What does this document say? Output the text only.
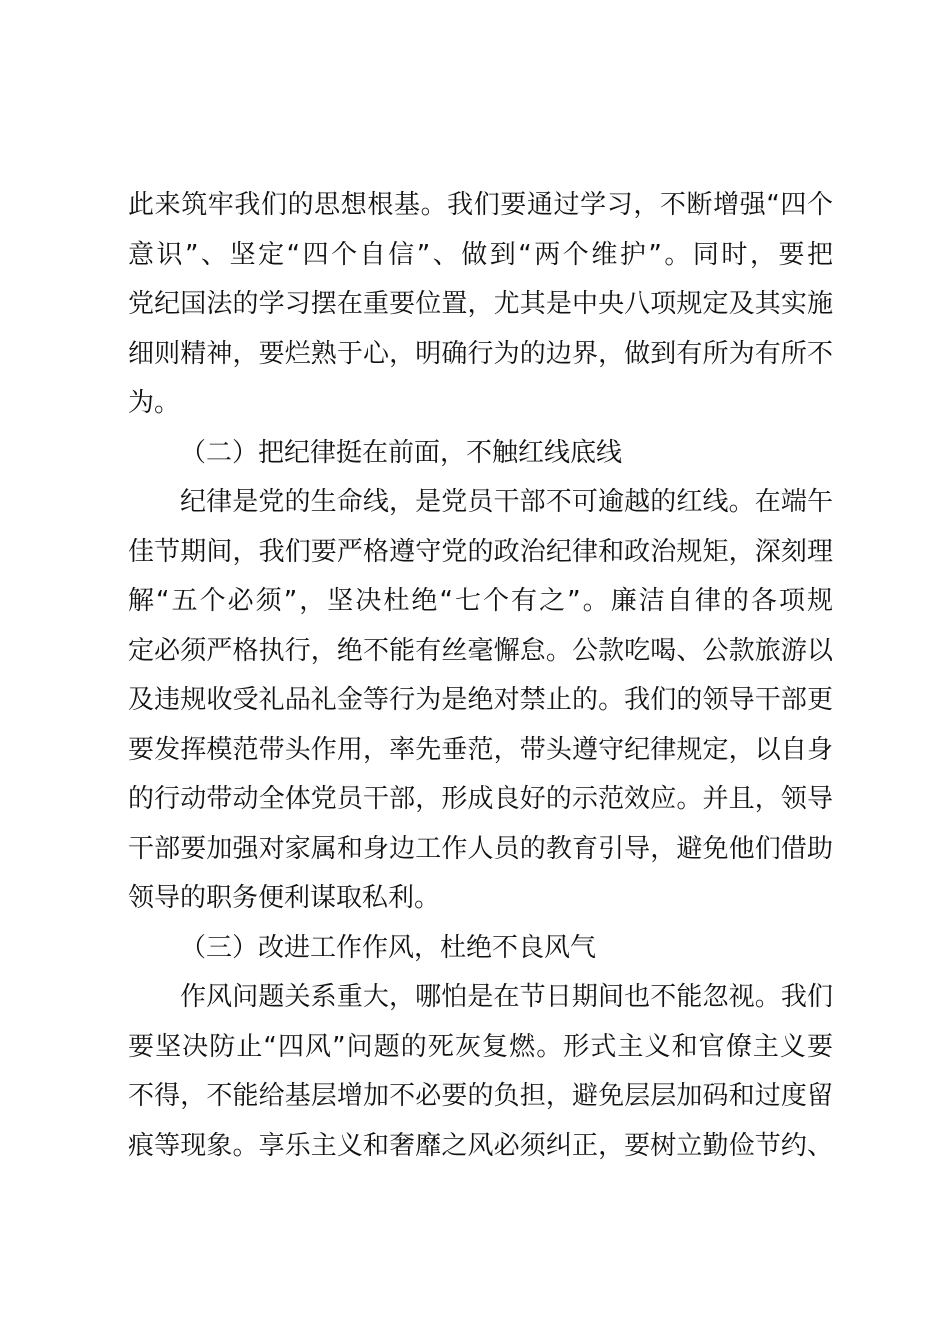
此来筑牢我们的思想根基。我们要通过学习，不断增强“四个
意识”、坚定“四个自信”、做到“两个维护”。同时，要把
党纪国法的学习摆在重要位置，尤其是中央八项规定及其实施
细则精神，要烂熟于心，明确行为的边界，做到有所为有所不
为。
（二）把纪律挺在前面，不触红线底线
纪律是党的生命线，是党员干部不可逾越的红线。在端午
佳节期间，我们要严格遵守党的政治纪律和政治规矩，深刻理
解“五个必须”，坚决杜绝“七个有之”。廉洁自律的各项规
定必须严格执行，绝不能有丝毫懈怠。公款吃喝、公款旅游以
及违规收受礼品礼金等行为是绝对禁止的。我们的领导干部更
要发挥模范带头作用，率先垂范，带头遵守纪律规定，以自身
的行动带动全体党员干部，形成良好的示范效应。并且，领导
干部要加强对家属和身边工作人员的教育引导，避免他们借助
领导的职务便利谋取私利。
（三）改进工作作风，杜绝不良风气
作风问题关系重大，哪怕是在节日期间也不能忽视。我们
要坚决防止“四风”问题的死灰复燃。形式主义和官僚主义要
不得，不能给基层增加不必要的负担，避免层层加码和过度留
痕等现象。享乐主义和奢靡之风必须纠正，要树立勤俭节约、
